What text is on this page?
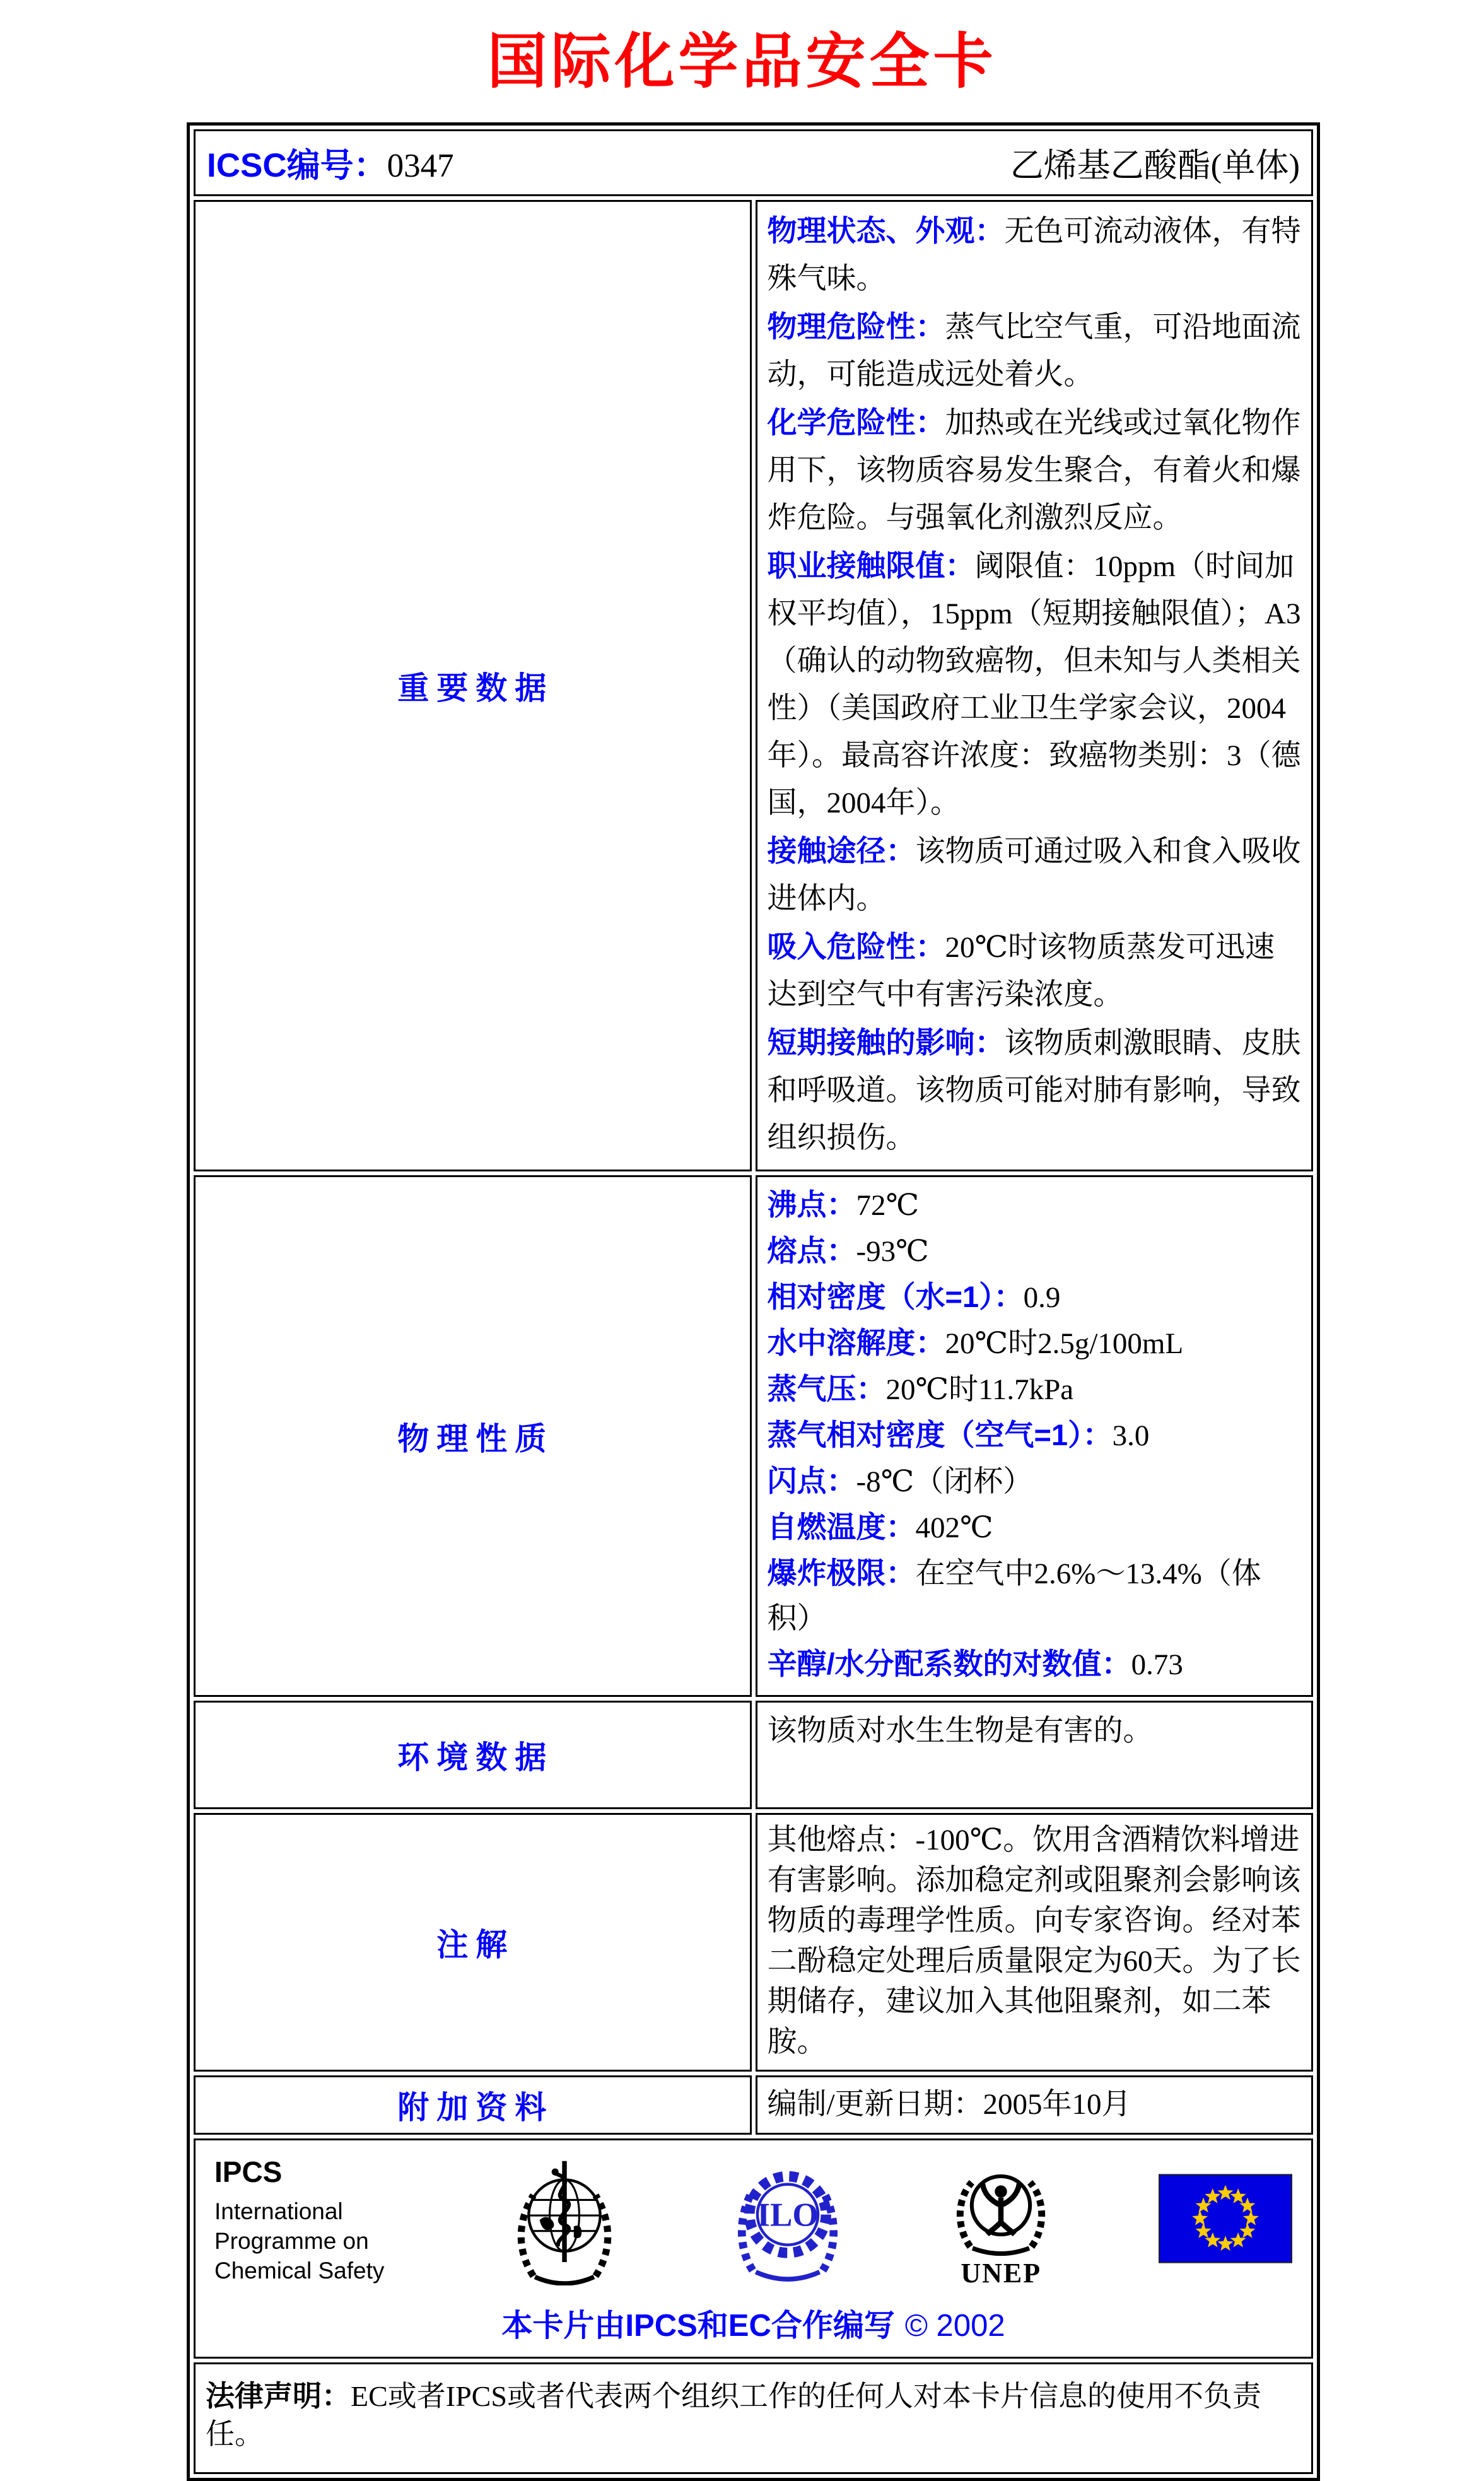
国际化学品安全卡
ICSC编号：0347 乙烯基乙酸酯(单体)	

重要数据	
物理状态、外观：无色可流动液体，有特殊气味。
物理危险性：蒸气比空气重，可沿地面流动，可能造成远处着火。
化学危险性：加热或在光线或过氧化物作用下，该物质容易发生聚合，有着火和爆炸危险。与强氧化剂激烈反应。
职业接触限值：阈限值：10ppm（时间加权平均值），15ppm（短期接触限值）；A3（确认的动物致癌物，但未知与人类相关性）（美国政府工业卫生学家会议，2004年）。最高容许浓度：致癌物类别：3（德国，2004年）。
接触途径：该物质可通过吸入和食入吸收进体内。
吸入危险性：20℃时该物质蒸发可迅速达到空气中有害污染浓度。
短期接触的影响：该物质刺激眼睛、皮肤和呼吸道。该物质可能对肺有影响，导致组织损伤。

物理性质	
沸点：72℃
熔点：-93℃
相对密度（水=1）：0.9
水中溶解度：20℃时2.5g/100mL
蒸气压：20℃时11.7kPa
蒸气相对密度（空气=1）：3.0
闪点：-8℃（闭杯）
自燃温度：402℃
爆炸极限：在空气中2.6%～13.4%（体积）
辛醇/水分配系数的对数值：0.73

环境数据	该物质对水生生物是有害的。
注解	其他熔点：-100℃。饮用含酒精饮料增进有害影响。添加稳定剂或阻聚剂会影响该物质的毒理学性质。向专家咨询。经对苯二酚稳定处理后质量限定为60天。为了长期储存，建议加入其他阻聚剂，如二苯胺。
附加资料	编制/更新日期：2005年10月

IPCS
International
Programme on
Chemical Safety
ILO
UNEP
本卡片由IPCS和EC合作编写 © 2002

法律声明：EC或者IPCS或者代表两个组织工作的任何人对本卡片信息的使用不负责任。	
